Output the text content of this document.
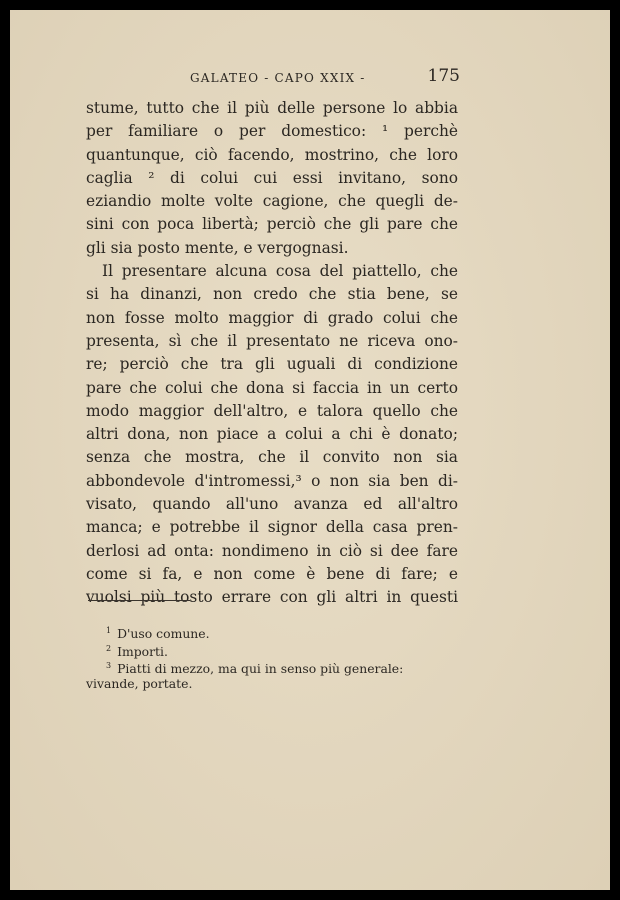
GALATEO - CAPO XXIX -	175
stume, tutto che il più delle persone lo abbia
per familiare o per domestico: ¹ perchè
quantunque, ciò facendo, mostrino, che loro
caglia ² di colui cui essi invitano, sono
eziandio molte volte cagione, che quegli de-
sini con poca libertà; perciò che gli pare che
gli sia posto mente, e vergognasi.
Il presentare alcuna cosa del piattello, che
si ha dinanzi, non credo che stia bene, se
non fosse molto maggior di grado colui che
presenta, sì che il presentato ne riceva ono-
re; perciò che tra gli uguali di condizione
pare che colui che dona si faccia in un certo
modo maggior dell'altro, e talora quello che
altri dona, non piace a colui a chi è donato;
senza che mostra, che il convito non sia
abbondevole d'intromessi,³ o non sia ben di-
visato, quando all'uno avanza ed all'altro
manca; e potrebbe il signor della casa pren-
derlosi ad onta: nondimeno in ciò si dee fare
come si fa, e non come è bene di fare; e
vuolsi più tosto errare con gli altri in questi
$^1$ D'uso comune.
$^2$ Importi.
$^3$ Piatti di mezzo, ma qui in senso più generale:
vivande, portate.
